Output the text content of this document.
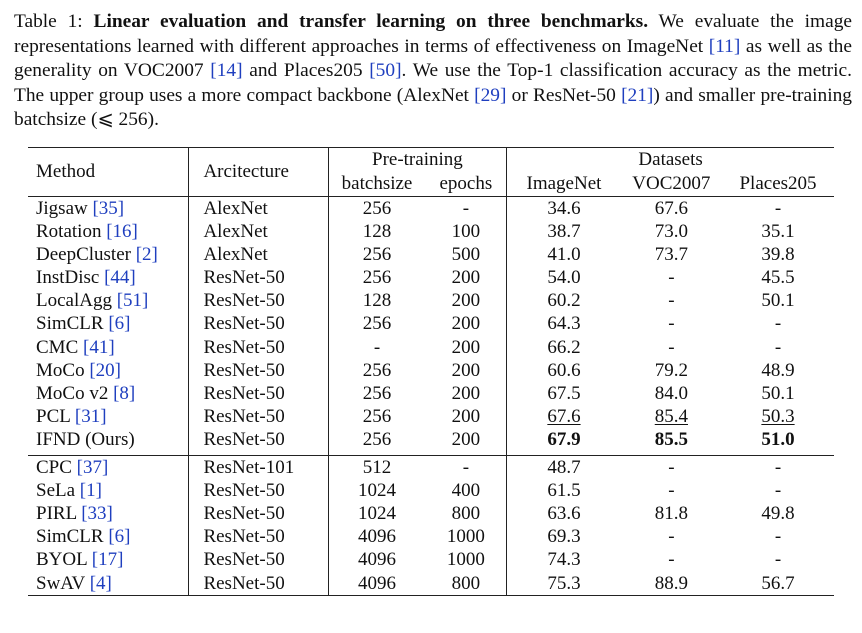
Table 1: Linear evaluation and transfer learning on three benchmarks. We evaluate the image representations learned with different approaches in terms of effectiveness on ImageNet [11] as well as the generality on VOC2007 [14] and Places205 [50]. We use the Top-1 classification accuracy as the metric. The upper group uses a more compact backbone (AlexNet [29] or ResNet-50 [21]) and smaller pre-training batchsize (⩽ 256).
Method	Arcitecture	Pre-training		Datasets		
		batchsize	epochs	ImageNet	VOC2007	Places205
Jigsaw [35]	AlexNet	256	-	34.6	67.6	-
Rotation [16]	AlexNet	128	100	38.7	73.0	35.1
DeepCluster [2]	AlexNet	256	500	41.0	73.7	39.8
InstDisc [44]	ResNet-50	256	200	54.0	-	45.5
LocalAgg [51]	ResNet-50	128	200	60.2	-	50.1
SimCLR [6]	ResNet-50	256	200	64.3	-	-
CMC [41]	ResNet-50	-	200	66.2	-	-
MoCo [20]	ResNet-50	256	200	60.6	79.2	48.9
MoCo v2 [8]	ResNet-50	256	200	67.5	84.0	50.1
PCL [31]	ResNet-50	256	200	67.6	85.4	50.3
IFND (Ours)	ResNet-50	256	200	67.9	85.5	51.0

CPC [37]	ResNet-101	512	-	48.7	-	-
SeLa [1]	ResNet-50	1024	400	61.5	-	-
PIRL [33]	ResNet-50	1024	800	63.6	81.8	49.8
SimCLR [6]	ResNet-50	4096	1000	69.3	-	-
BYOL [17]	ResNet-50	4096	1000	74.3	-	-
SwAV [4]	ResNet-50	4096	800	75.3	88.9	56.7
